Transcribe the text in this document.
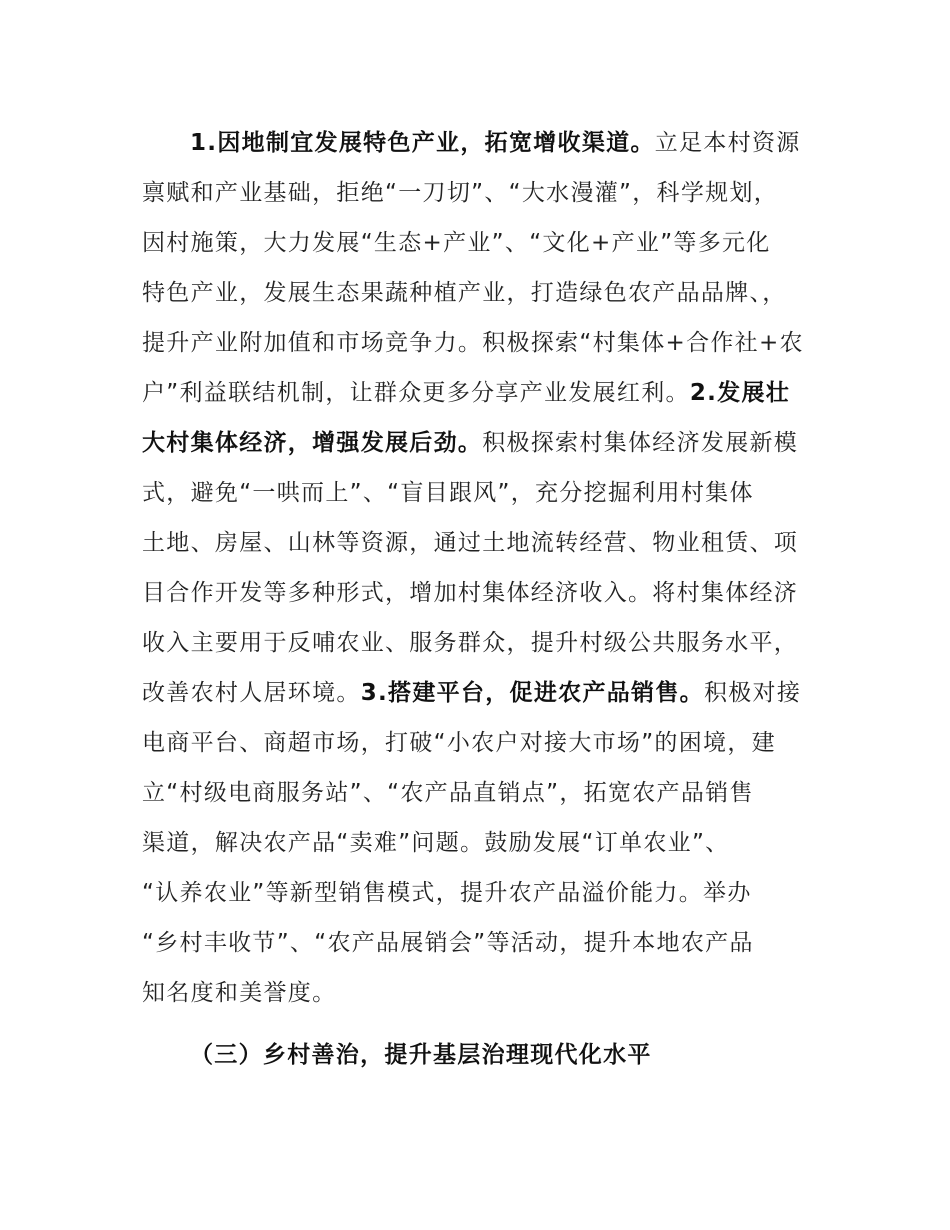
1.因地制宜发展特色产业，拓宽增收渠道。立足本村资源
禀赋和产业基础，拒绝“一刀切”、“大水漫灌”，科学规划，
因村施策，大力发展“生态+产业”、“文化+产业”等多元化
特色产业，发展生态果蔬种植产业，打造绿色农产品品牌、，
提升产业附加值和市场竞争力。积极探索“村集体+合作社+农
户”利益联结机制，让群众更多分享产业发展红利。2.发展壮
大村集体经济，增强发展后劲。积极探索村集体经济发展新模
式，避免“一哄而上”、“盲目跟风”，充分挖掘利用村集体
土地、房屋、山林等资源，通过土地流转经营、物业租赁、项
目合作开发等多种形式，增加村集体经济收入。将村集体经济
收入主要用于反哺农业、服务群众，提升村级公共服务水平，
改善农村人居环境。3.搭建平台，促进农产品销售。积极对接
电商平台、商超市场，打破“小农户对接大市场”的困境，建
立“村级电商服务站”、“农产品直销点”，拓宽农产品销售
渠道，解决农产品“卖难”问题。鼓励发展“订单农业”、
“认养农业”等新型销售模式，提升农产品溢价能力。举办
“乡村丰收节”、“农产品展销会”等活动，提升本地农产品
知名度和美誉度。
（三）乡村善治，提升基层治理现代化水平
